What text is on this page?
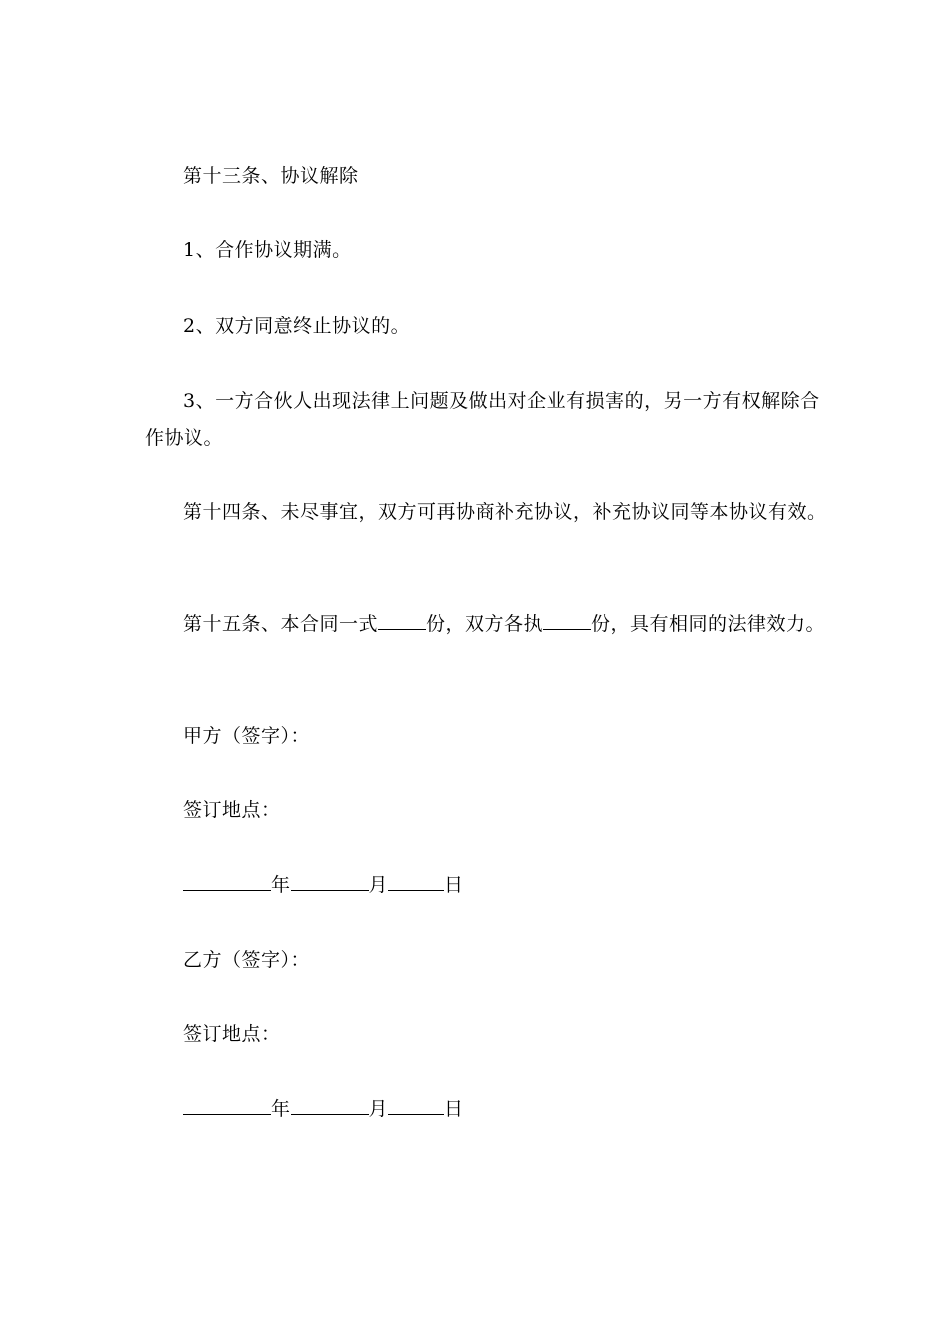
第十三条、协议解除
1、合作协议期满。
2、双方同意终止协议的。
3、一方合伙人出现法律上问题及做出对企业有损害的，另一方有权解除合
作协议。
第十四条、未尽事宜，双方可再协商补充协议，补充协议同等本协议有效。
第十五条、本合同一式	份，双方各执	份，具有相同的法律效力。
甲方（签字）：
签订地点：
年	月	日
乙方（签字）：
签订地点：
年	月	日
